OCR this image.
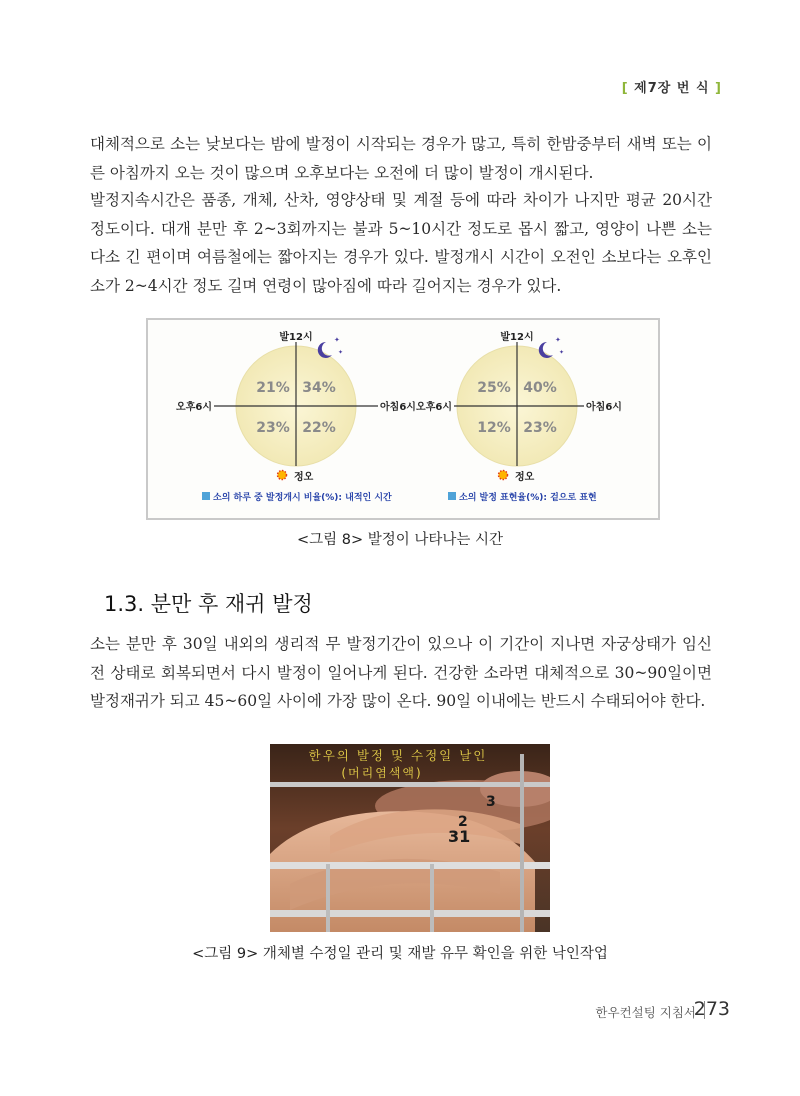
[ 제7장 번 식 ]

대체적으로 소는 낮보다는 밤에 발정이 시작되는 경우가 많고, 특히 한밤중부터 새벽 또는 이른 아침까지 오는 것이 많으며 오후보다는 오전에 더 많이 발정이 개시된다.

발정지속시간은 품종, 개체, 산차, 영양상태 및 계절 등에 따라 차이가 나지만 평균 20시간 정도이다. 대개 분만 후 2~3회까지는 불과 5~10시간 정도로 몹시 짧고, 영양이 나쁜 소는 다소 긴 편이며 여름철에는 짧아지는 경우가 있다. 발정개시 시간이 오전인 소보다는 오후인 소가 2~4시간 정도 길며 연령이 많아짐에 따라 길어지는 경우가 있다.

발12시
정오
오후6시	아침6시
21% 34%
23% 22%
✦
✦
소의 하루 중 발정개시 비율(%): 내적인 시간
발12시
정오
오후6시	아침6시
25% 40%
12% 23%
✦
✦
소의 발정 표현율(%): 겉으로 표현
<그림 8> 발정이 나타나는 시간
1.3. 분만 후 재귀 발정

소는 분만 후 30일 내외의 생리적 무 발정기간이 있으나 이 기간이 지나면 자궁상태가 임신 전 상태로 회복되면서 다시 발정이 일어나게 된다. 건강한 소라면 대체적으로 30~90일이면 발정재귀가 되고 45~60일 사이에 가장 많이 온다. 90일 이내에는 반드시 수태되어야 한다.

3
2
31
한우의 발정 및 수정일 날인
(머리염색액)
<그림 9> 개체별 수정일 관리 및 재발 유무 확인을 위한 낙인작업
한우컨설팅 지침서
273
